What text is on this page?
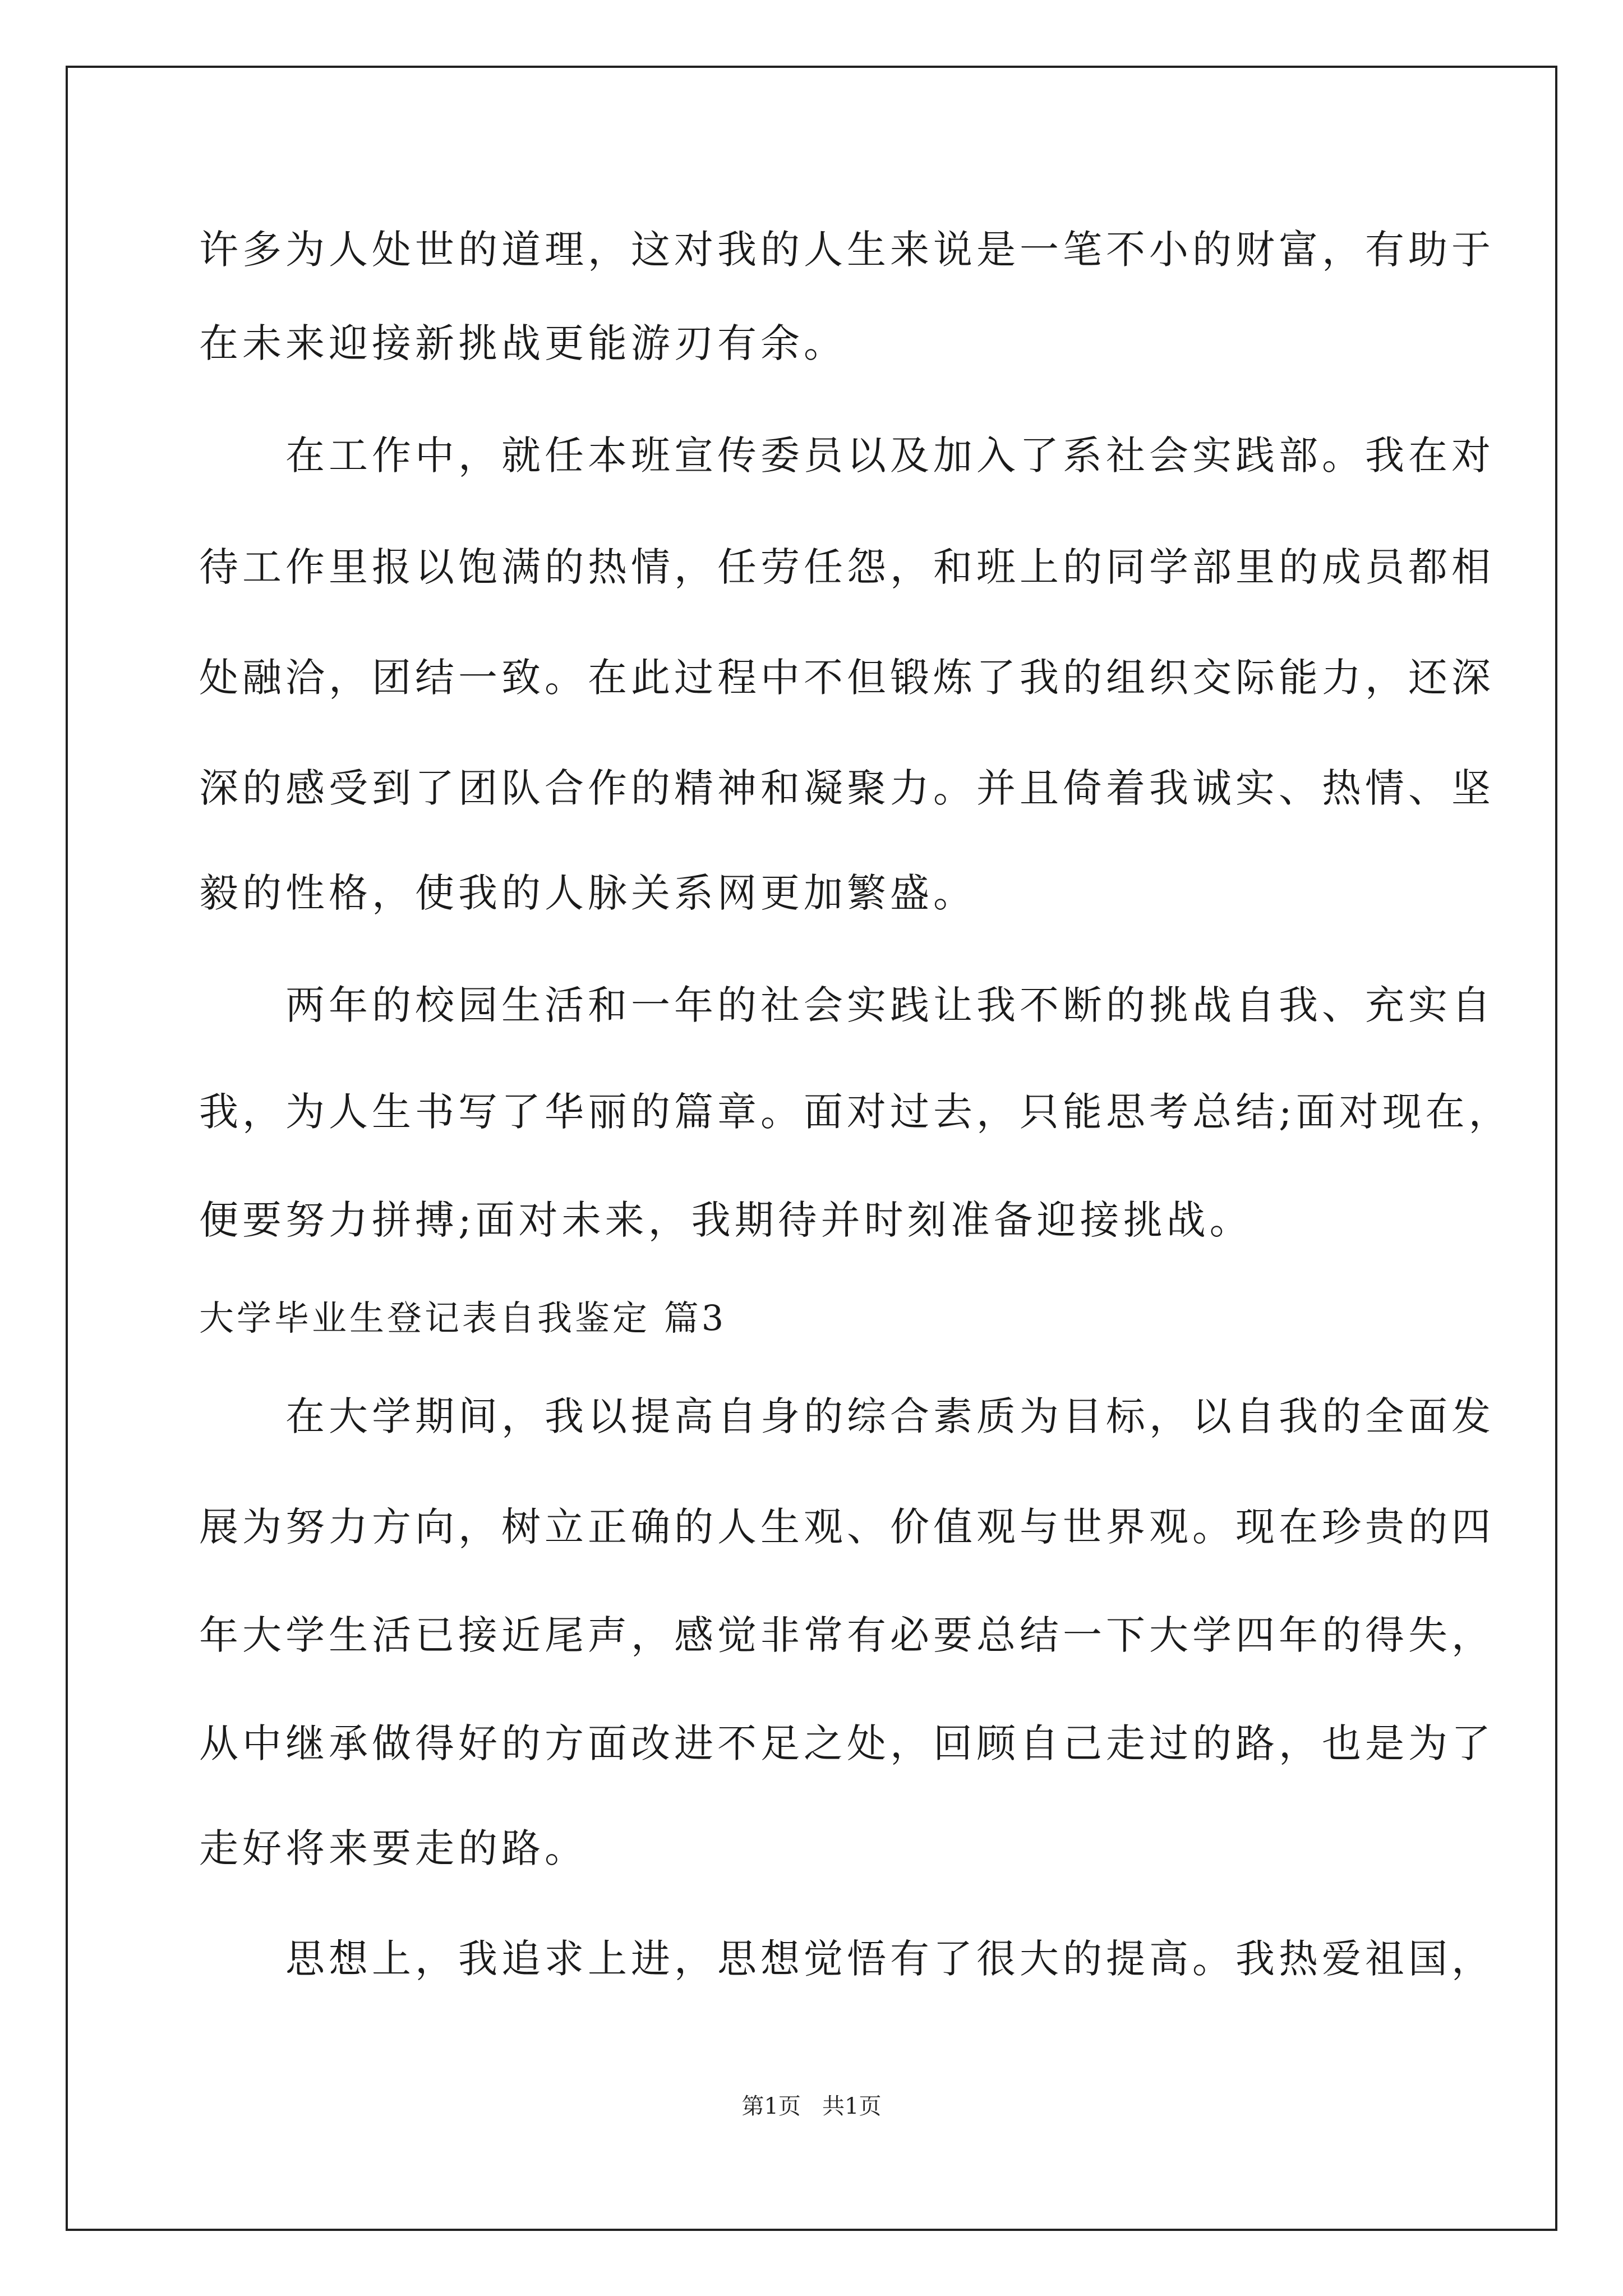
许多为人处世的道理，这对我的人生来说是一笔不小的财富，有助于
在未来迎接新挑战更能游刃有余。
　　在工作中，就任本班宣传委员以及加入了系社会实践部。我在对
待工作里报以饱满的热情，任劳任怨，和班上的同学部里的成员都相
处融洽，团结一致。在此过程中不但锻炼了我的组织交际能力，还深
深的感受到了团队合作的精神和凝聚力。并且倚着我诚实、热情、坚
毅的性格，使我的人脉关系网更加繁盛。
　　两年的校园生活和一年的社会实践让我不断的挑战自我、充实自
我，为人生书写了华丽的篇章。面对过去，只能思考总结;面对现在，
便要努力拼搏;面对未来，我期待并时刻准备迎接挑战。
大学毕业生登记表自我鉴定 篇3
　　在大学期间，我以提高自身的综合素质为目标，以自我的全面发
展为努力方向，树立正确的人生观、价值观与世界观。现在珍贵的四
年大学生活已接近尾声，感觉非常有必要总结一下大学四年的得失，
从中继承做得好的方面改进不足之处，回顾自己走过的路，也是为了
走好将来要走的路。
　　思想上，我追求上进，思想觉悟有了很大的提高。我热爱祖国，
第1页   共1页
